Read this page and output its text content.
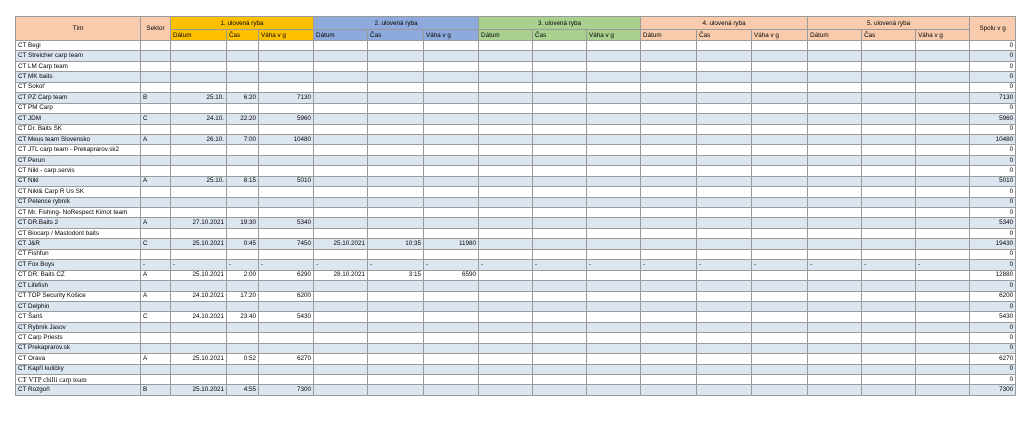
Tím	Sektor	1. ulovená ryba			2. ulovená ryba			3. ulovená ryba			4. ulovená ryba			5. ulovená ryba			Spolu v g
		Dátum	Čas	Váha v g	Dátum	Čas	Váha v g	Dátum	Čas	Váha v g	Dátum	Čas	Váha v g	Dátum	Čas	Váha v g	
CT Begi																	0
CT Streicher carp team																	0
CT LM Carp team																	0
CT MK baits																	0
CT Sokol'																	0
CT PZ Carp team	B	25.10.	6:20	7130													7130
CT PM Carp																	0
CT JDM	C	24.10.	22:20	5960													5960
CT Dr. Baits SK																	0
CT Meus team Slovensko	A	26.10.	7:00	10480													10480
CT JTL carp team - Prekaprarov.sk2																	0
CT Perun																	0
CT Nikl - carp.servis																	0
CT Nikl	A	25.10.	8:15	5010													5010
CT Nikl& Carp R Us SK																	0
CT Petence rybník																	0
CT Mr. Fishing- NoRespect Kimot team																	0
CT DR.Baits 2	A	27.10.2021	19:30	5340													5340
CT Biocarp / Mastodont baits																	0
CT J&R	C	25.10.2021	0:45	7450	25.10.2021	10:35	11980										19430
CT Fishfun																	0
CT Fox Boys	-	-	-	-	-	-	-	-	-	-	-	-	-	-	-	-	0
CT DR. Baits CZ	A	25.10.2021	2:00	6290	28.10.2021	3:15	6590										12880
CT Lifefish																	0
CT TOP Security Košice	A	24.10.2021	17:20	6200													6200
CT Delphin																	0
CT Šariš	C	24.10.2021	23:40	5430													5430
CT Rybník Jasov																	0
CT Carp Priests																	0
CT Prekaprarov.sk																	0
CT Orava	A	25.10.2021	0:52	6270													6270
CT Kapří kuličky																	0
CT VTP chilli carp team																	0
CT Rozgoň	B	25.10.2021	4:55	7300													7300
